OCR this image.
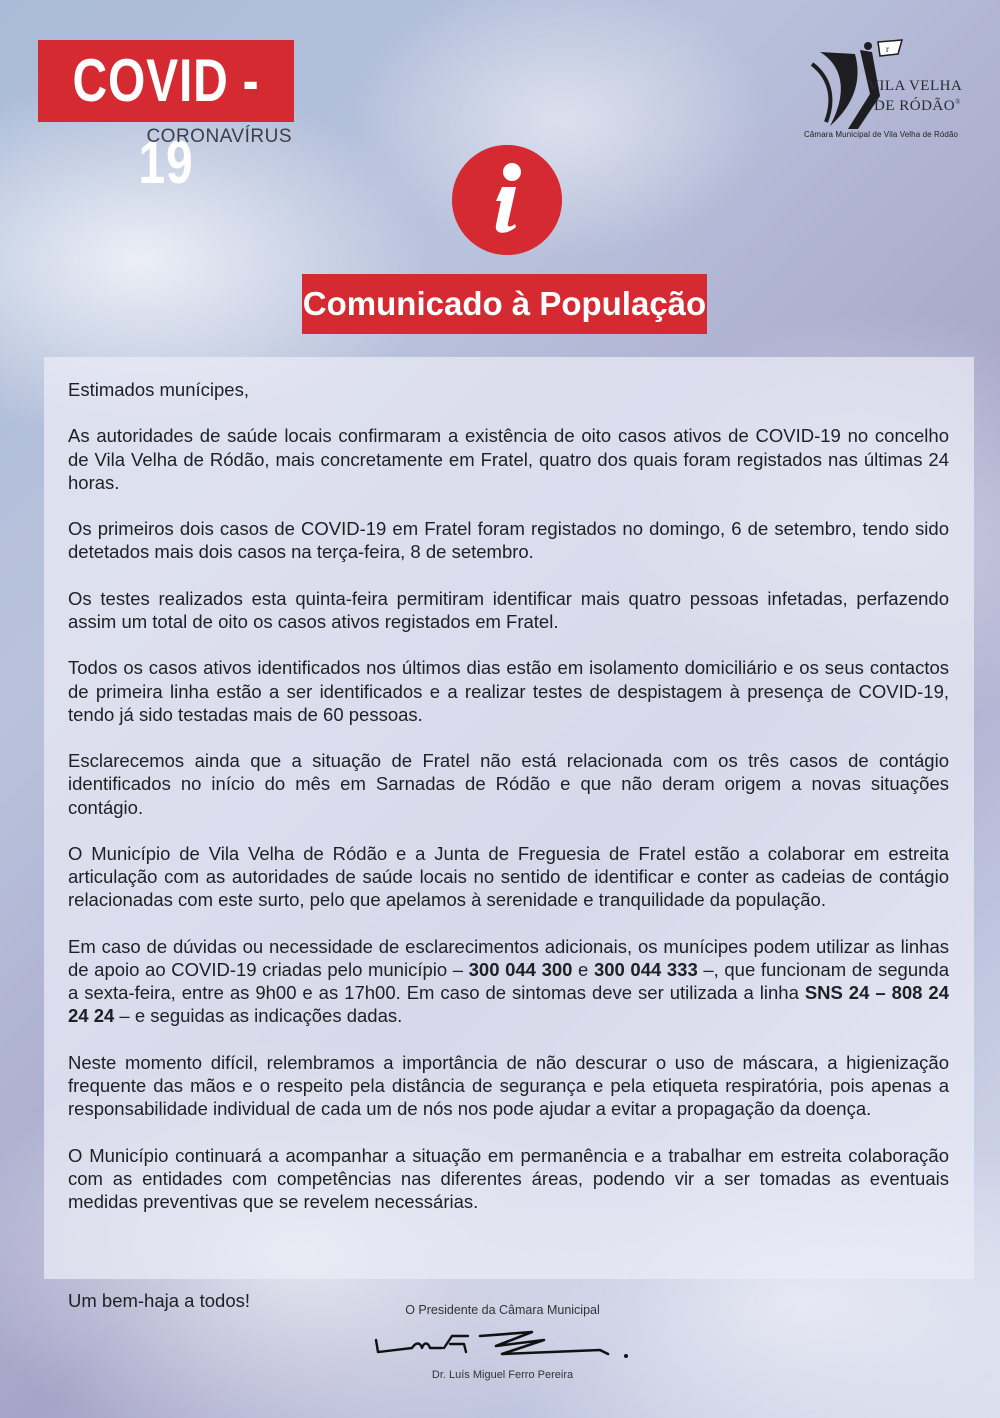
COVID - 19
CORONAVÍRUS
r
VILA VELHA
DE RÓDÃO®
Câmara Municipal de Vila Velha de Ródão
Comunicado à População

Estimados munícipes,

As autoridades de saúde locais confirmaram a existência de oito casos ativos de COVID-19 no concelho de Vila Velha de Ródão, mais concretamente em Fratel, quatro dos quais foram registados nas últimas 24 horas.

Os primeiros dois casos de COVID-19 em Fratel foram registados no domingo, 6 de setembro, tendo sido detetados mais dois casos na terça-feira, 8 de setembro.

Os testes realizados esta quinta-feira permitiram identificar mais quatro pessoas infetadas, perfazendo assim um total de oito os casos ativos registados em Fratel.

Todos os casos ativos identificados nos últimos dias estão em isolamento domiciliário e os seus contactos de primeira linha estão a ser identificados e a realizar testes de despistagem à presença de COVID-19, tendo já sido testadas mais de 60 pessoas.

Esclarecemos ainda que a situação de Fratel não está relacionada com os três casos de contágio identificados no início do mês em Sarnadas de Ródão e que não deram origem a novas situações contágio.

O Município de Vila Velha de Ródão e a Junta de Freguesia de Fratel estão a colaborar em estreita articulação com as autoridades de saúde locais no sentido de identificar e conter as cadeias de contágio relacionadas com este surto, pelo que apelamos à serenidade e tranquilidade da população.

Em caso de dúvidas ou necessidade de esclarecimentos adicionais, os munícipes podem utilizar as linhas de apoio ao COVID-19 criadas pelo município – 300 044 300 e 300 044 333 –, que funcionam de segunda a sexta-feira, entre as 9h00 e as 17h00. Em caso de sintomas deve ser utilizada a linha SNS 24 – 808 24 24 24 – e seguidas as indicações dadas.

Neste momento difícil, relembramos a importância de não descurar o uso de máscara, a higienização frequente das mãos e o respeito pela distância de segurança e pela etiqueta respiratória, pois apenas a responsabilidade individual de cada um de nós nos pode ajudar a evitar a propagação da doença.

O Município continuará a acompanhar a situação em permanência e a trabalhar em estreita colaboração com as entidades com competências nas diferentes áreas, podendo vir a ser tomadas as eventuais medidas preventivas que se revelem necessárias.

Um bem-haja a todos!	O Presidente da Câmara Municipal
Dr. Luís Miguel Ferro Pereira
